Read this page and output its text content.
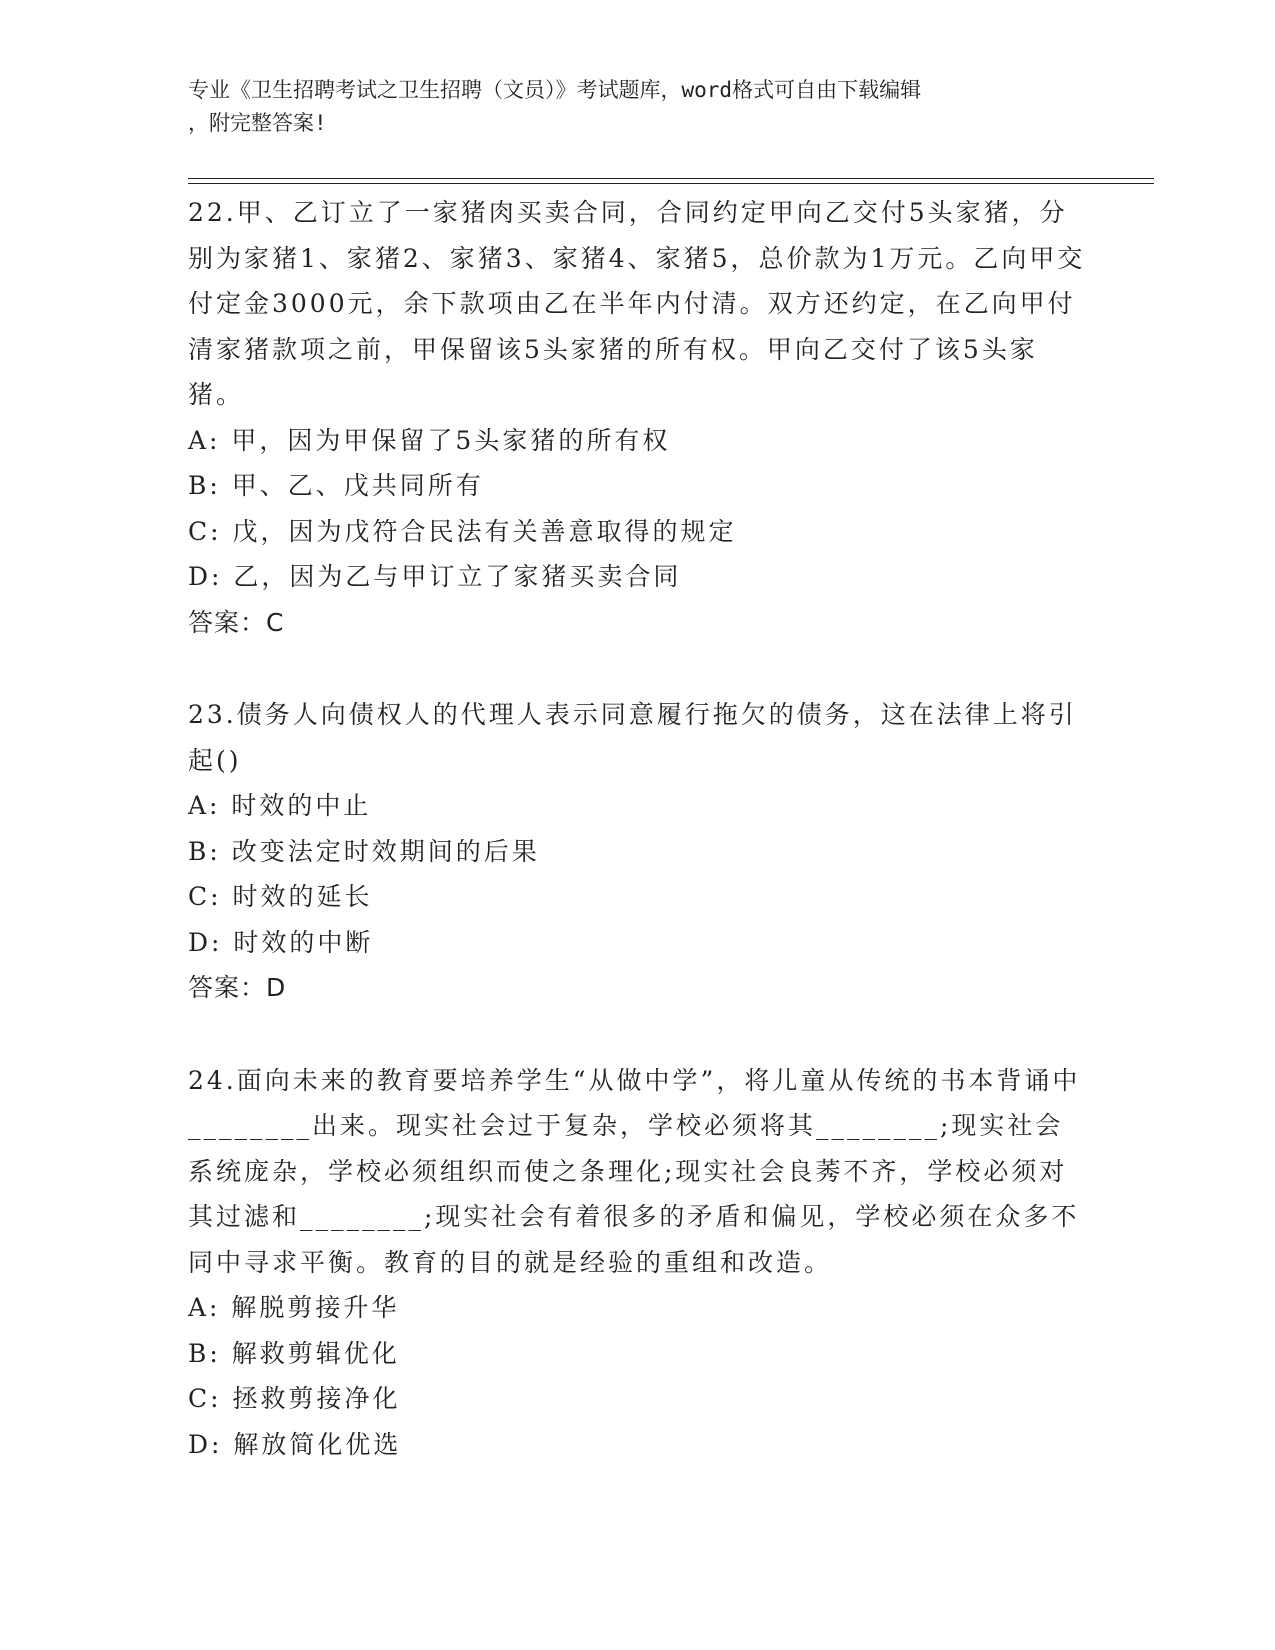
专业《卫生招聘考试之卫生招聘（文员）》考试题库，word格式可自由下载编辑
，附完整答案!

22.甲、乙订立了一家猪肉买卖合同，合同约定甲向乙交付5头家猪，分别为家猪1、家猪2、家猪3、家猪4、家猪5，总价款为1万元。乙向甲交付定金3000元，余下款项由乙在半年内付清。双方还约定，在乙向甲付清家猪款项之前，甲保留该5头家猪的所有权。甲向乙交付了该5头家猪。

A: 甲，因为甲保留了5头家猪的所有权

B: 甲、乙、戊共同所有

C: 戊，因为戊符合民法有关善意取得的规定

D: 乙，因为乙与甲订立了家猪买卖合同

答案：C

23.债务人向债权人的代理人表示同意履行拖欠的债务，这在法律上将引起()

A: 时效的中止

B: 改变法定时效期间的后果

C: 时效的延长

D: 时效的中断

答案：D

24.面向未来的教育要培养学生“从做中学”，将儿童从传统的书本背诵中________出来。现实社会过于复杂，学校必须将其________;现实社会系统庞杂，学校必须组织而使之条理化;现实社会良莠不齐，学校必须对其过滤和________;现实社会有着很多的矛盾和偏见，学校必须在众多不同中寻求平衡。教育的目的就是经验的重组和改造。

A: 解脱剪接升华

B: 解救剪辑优化

C: 拯救剪接净化

D: 解放简化优选
